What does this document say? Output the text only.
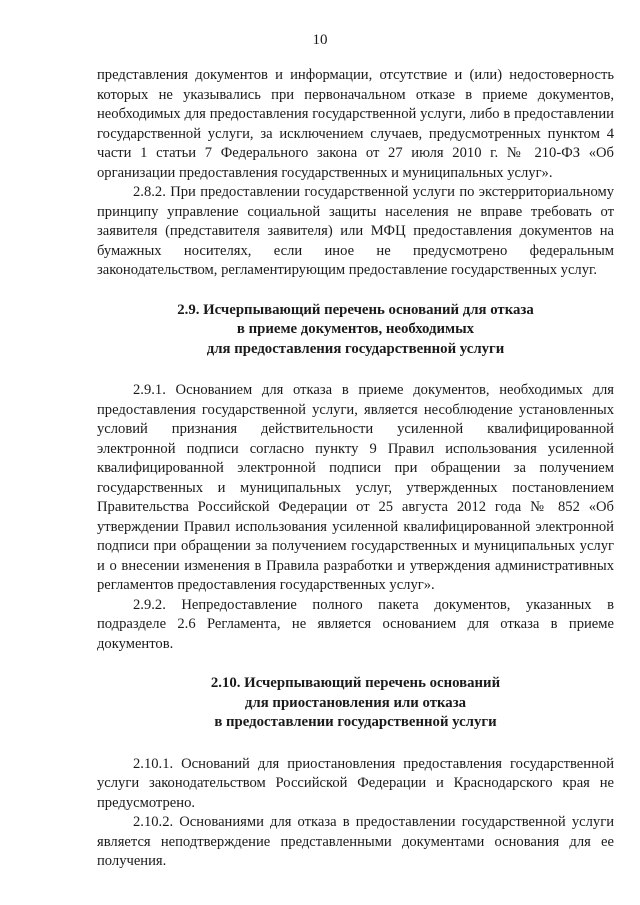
10

представления документов и информации, отсутствие и (или) недостоверность которых не указывались при первоначальном отказе в приеме документов, необходимых для предоставления государственной услуги, либо в предоставлении государственной услуги, за исключением случаев, предусмотренных пунктом 4 части 1 статьи 7 Федерального закона от 27 июля 2010 г. № 210-ФЗ «Об организации предоставления государственных и муниципальных услуг».

2.8.2. При предоставлении государственной услуги по экстерриториальному принципу управление социальной защиты населения не вправе требовать от заявителя (представителя заявителя) или МФЦ предоставления документов на бумажных носителях, если иное не предусмотрено федеральным законодательством, регламентирующим предоставление государственных услуг.

2.9. Исчерпывающий перечень оснований для отказа

в приеме документов, необходимых

для предоставления государственной услуги

2.9.1. Основанием для отказа в приеме документов, необходимых для предоставления государственной услуги, является несоблюдение установленных условий признания действительности усиленной квалифицированной электронной подписи согласно пункту 9 Правил использования усиленной квалифицированной электронной подписи при обращении за получением государственных и муниципальных услуг, утвержденных постановлением Правительства Российской Федерации от 25 августа 2012 года № 852 «Об утверждении Правил использования усиленной квалифицированной электронной подписи при обращении за получением государственных и муниципальных услуг и о внесении изменения в Правила разработки и утверждения административных регламентов предоставления государственных услуг».

2.9.2. Непредоставление полного пакета документов, указанных в подразделе 2.6 Регламента, не является основанием для отказа в приеме документов.

2.10. Исчерпывающий перечень оснований

для приостановления или отказа

в предоставлении государственной услуги

2.10.1. Оснований для приостановления предоставления государственной услуги законодательством Российской Федерации и Краснодарского края не предусмотрено.

2.10.2. Основаниями для отказа в предоставлении государственной услуги является неподтверждение представленными документами основания для ее получения.
